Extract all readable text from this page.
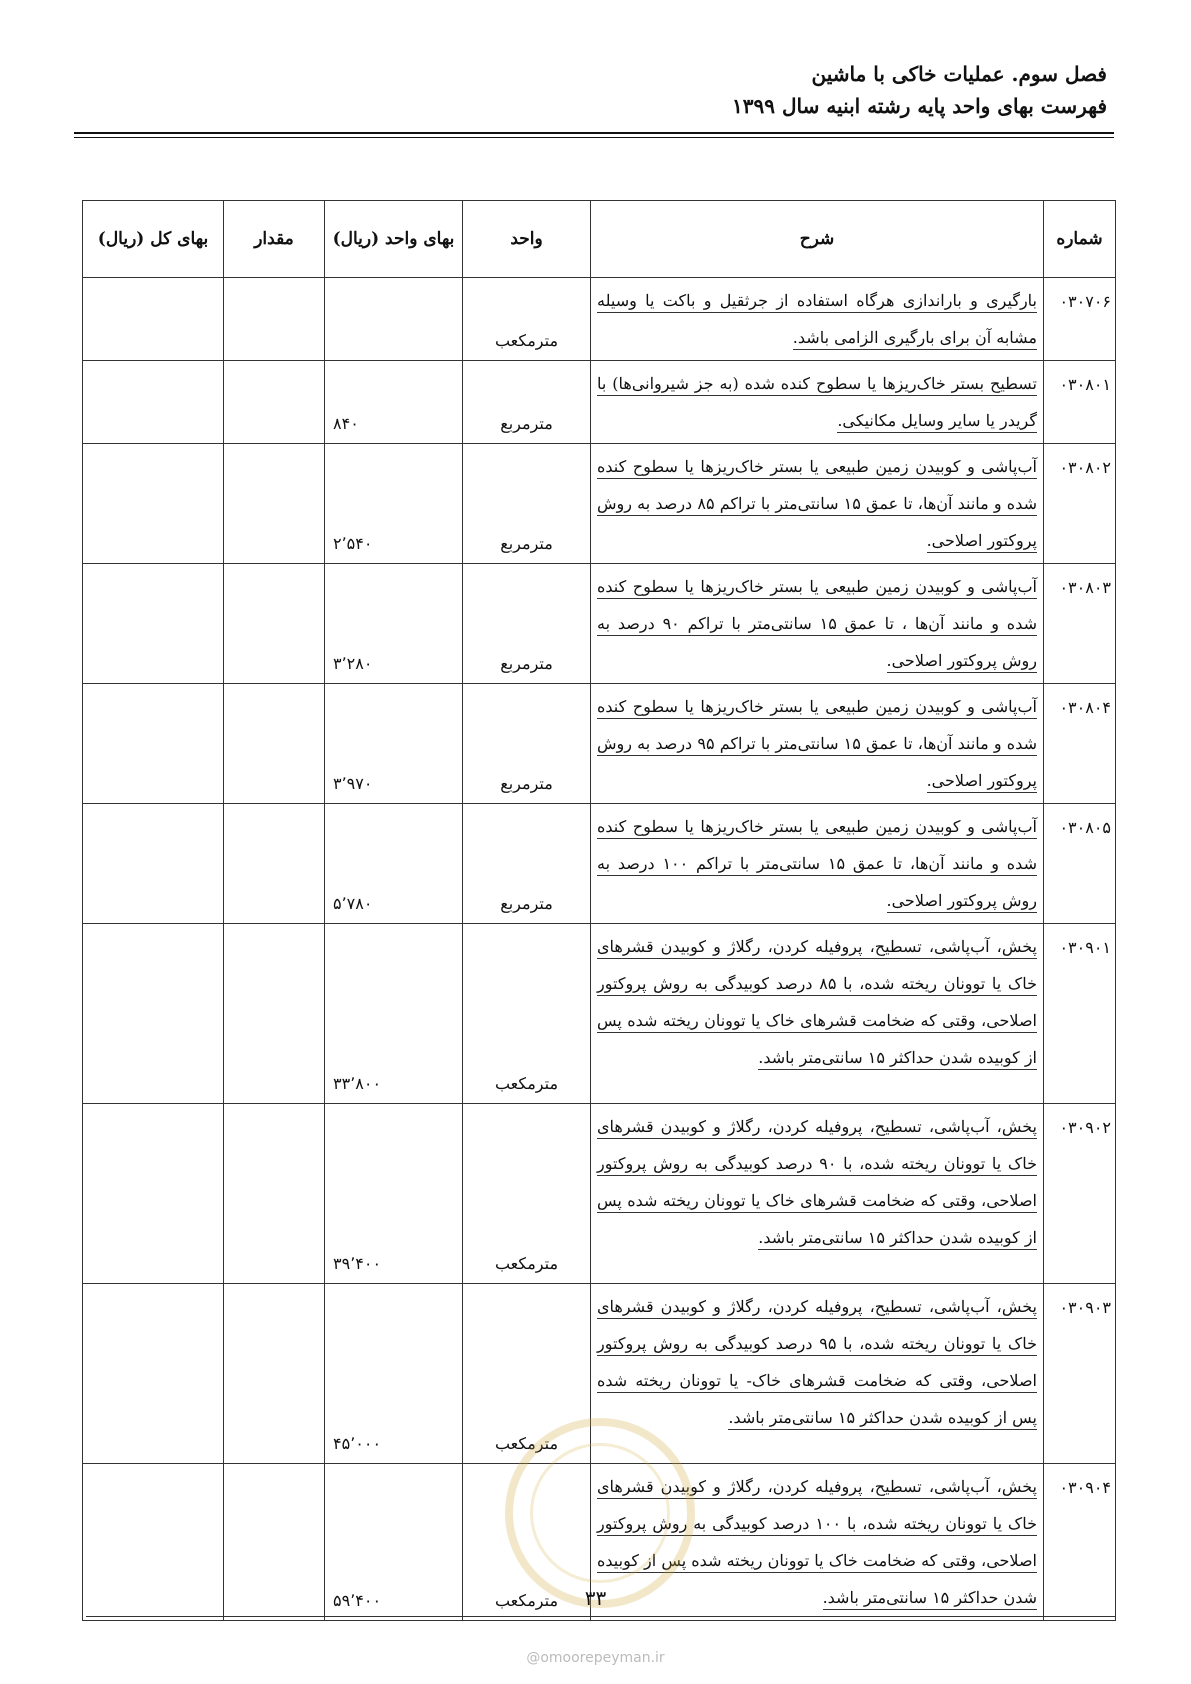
فصل سوم. عملیات خاکی با ماشین
فهرست بهای واحد پایه رشته ابنیه سال ۱۳۹۹
شماره	شرح	واحد	بهای واحد (ریال)	مقدار	بهای کل (ریال)
۰۳۰۷۰۶	بارگیری و باراندازی هرگاه استفاده از جرثقیل و باکت یا وسیله مشابه آن برای بارگیری الزامی باشد.	مترمکعب			
۰۳۰۸۰۱	تسطیح بستر خاک‌ریزها یا سطوح کنده شده (به جز شیروانی‌ها) با گریدر یا سایر وسایل مکانیکی.	مترمربع	۸۴۰		
۰۳۰۸۰۲	آب‌پاشی و کوبیدن زمین طبیعی یا بستر خاک‌ریزها یا سطوح کنده شده و مانند آن‌ها، تا عمق ۱۵ سانتی‌متر با تراکم ۸۵ درصد به روش پروکتور اصلاحی.	مترمربع	۲٬۵۴۰		
۰۳۰۸۰۳	آب‌پاشی و کوبیدن زمین طبیعی یا بستر خاک‌ریزها یا سطوح کنده شده و مانند آن‌ها ، تا عمق ۱۵ سانتی‌متر با تراکم ۹۰ درصد به روش پروکتور اصلاحی.	مترمربع	۳٬۲۸۰		
۰۳۰۸۰۴	آب‌پاشی و کوبیدن زمین طبیعی یا بستر خاک‌ریزها یا سطوح کنده شده و مانند آن‌ها، تا عمق ۱۵ سانتی‌متر با تراکم ۹۵ درصد به روش پروکتور اصلاحی.	مترمربع	۳٬۹۷۰		
۰۳۰۸۰۵	آب‌پاشی و کوبیدن زمین طبیعی یا بستر خاک‌ریزها یا سطوح کنده شده و مانند آن‌ها، تا عمق ۱۵ سانتی‌متر با تراکم ۱۰۰ درصد به روش پروکتور اصلاحی.	مترمربع	۵٬۷۸۰		
۰۳۰۹۰۱	پخش، آب‌پاشی، تسطیح، پروفیله کردن، رگلاژ و کوبیدن قشرهای خاک یا توونان ریخته شده، با ۸۵ درصد کوبیدگی به روش پروکتور اصلاحی، وقتی که ضخامت قشرهای خاک یا توونان ریخته شده پس از کوبیده شدن حداکثر ۱۵ سانتی‌متر باشد.	مترمکعب	۳۳٬۸۰۰		
۰۳۰۹۰۲	پخش، آب‌پاشی، تسطیح، پروفیله کردن، رگلاژ و کوبیدن قشرهای خاک یا توونان ریخته شده، با ۹۰ درصد کوبیدگی به روش پروکتور اصلاحی، وقتی که ضخامت قشرهای خاک یا توونان ریخته شده پس از کوبیده شدن حداکثر ۱۵ سانتی‌متر باشد.	مترمکعب	۳۹٬۴۰۰		
۰۳۰۹۰۳	پخش، آب‌پاشی، تسطیح، پروفیله کردن، رگلاژ و کوبیدن قشرهای خاک یا توونان ریخته شده، با ۹۵ درصد کوبیدگی به روش پروکتور اصلاحی، وقتی که ضخامت قشرهای خاک- یا توونان ریخته شده پس از کوبیده شدن حداکثر ۱۵ سانتی‌متر باشد.	مترمکعب	۴۵٬۰۰۰		
۰۳۰۹۰۴	پخش، آب‌پاشی، تسطیح، پروفیله کردن، رگلاژ و کوبیدن قشرهای خاک یا توونان ریخته شده، با ۱۰۰ درصد کوبیدگی به روش پروکتور اصلاحی، وقتی که ضخامت خاک یا توونان ریخته شده پس از کوبیده شدن حداکثر ۱۵ سانتی‌متر باشد.	مترمکعب	۵۹٬۴۰۰			۳۳
@omoorepeyman.ir
